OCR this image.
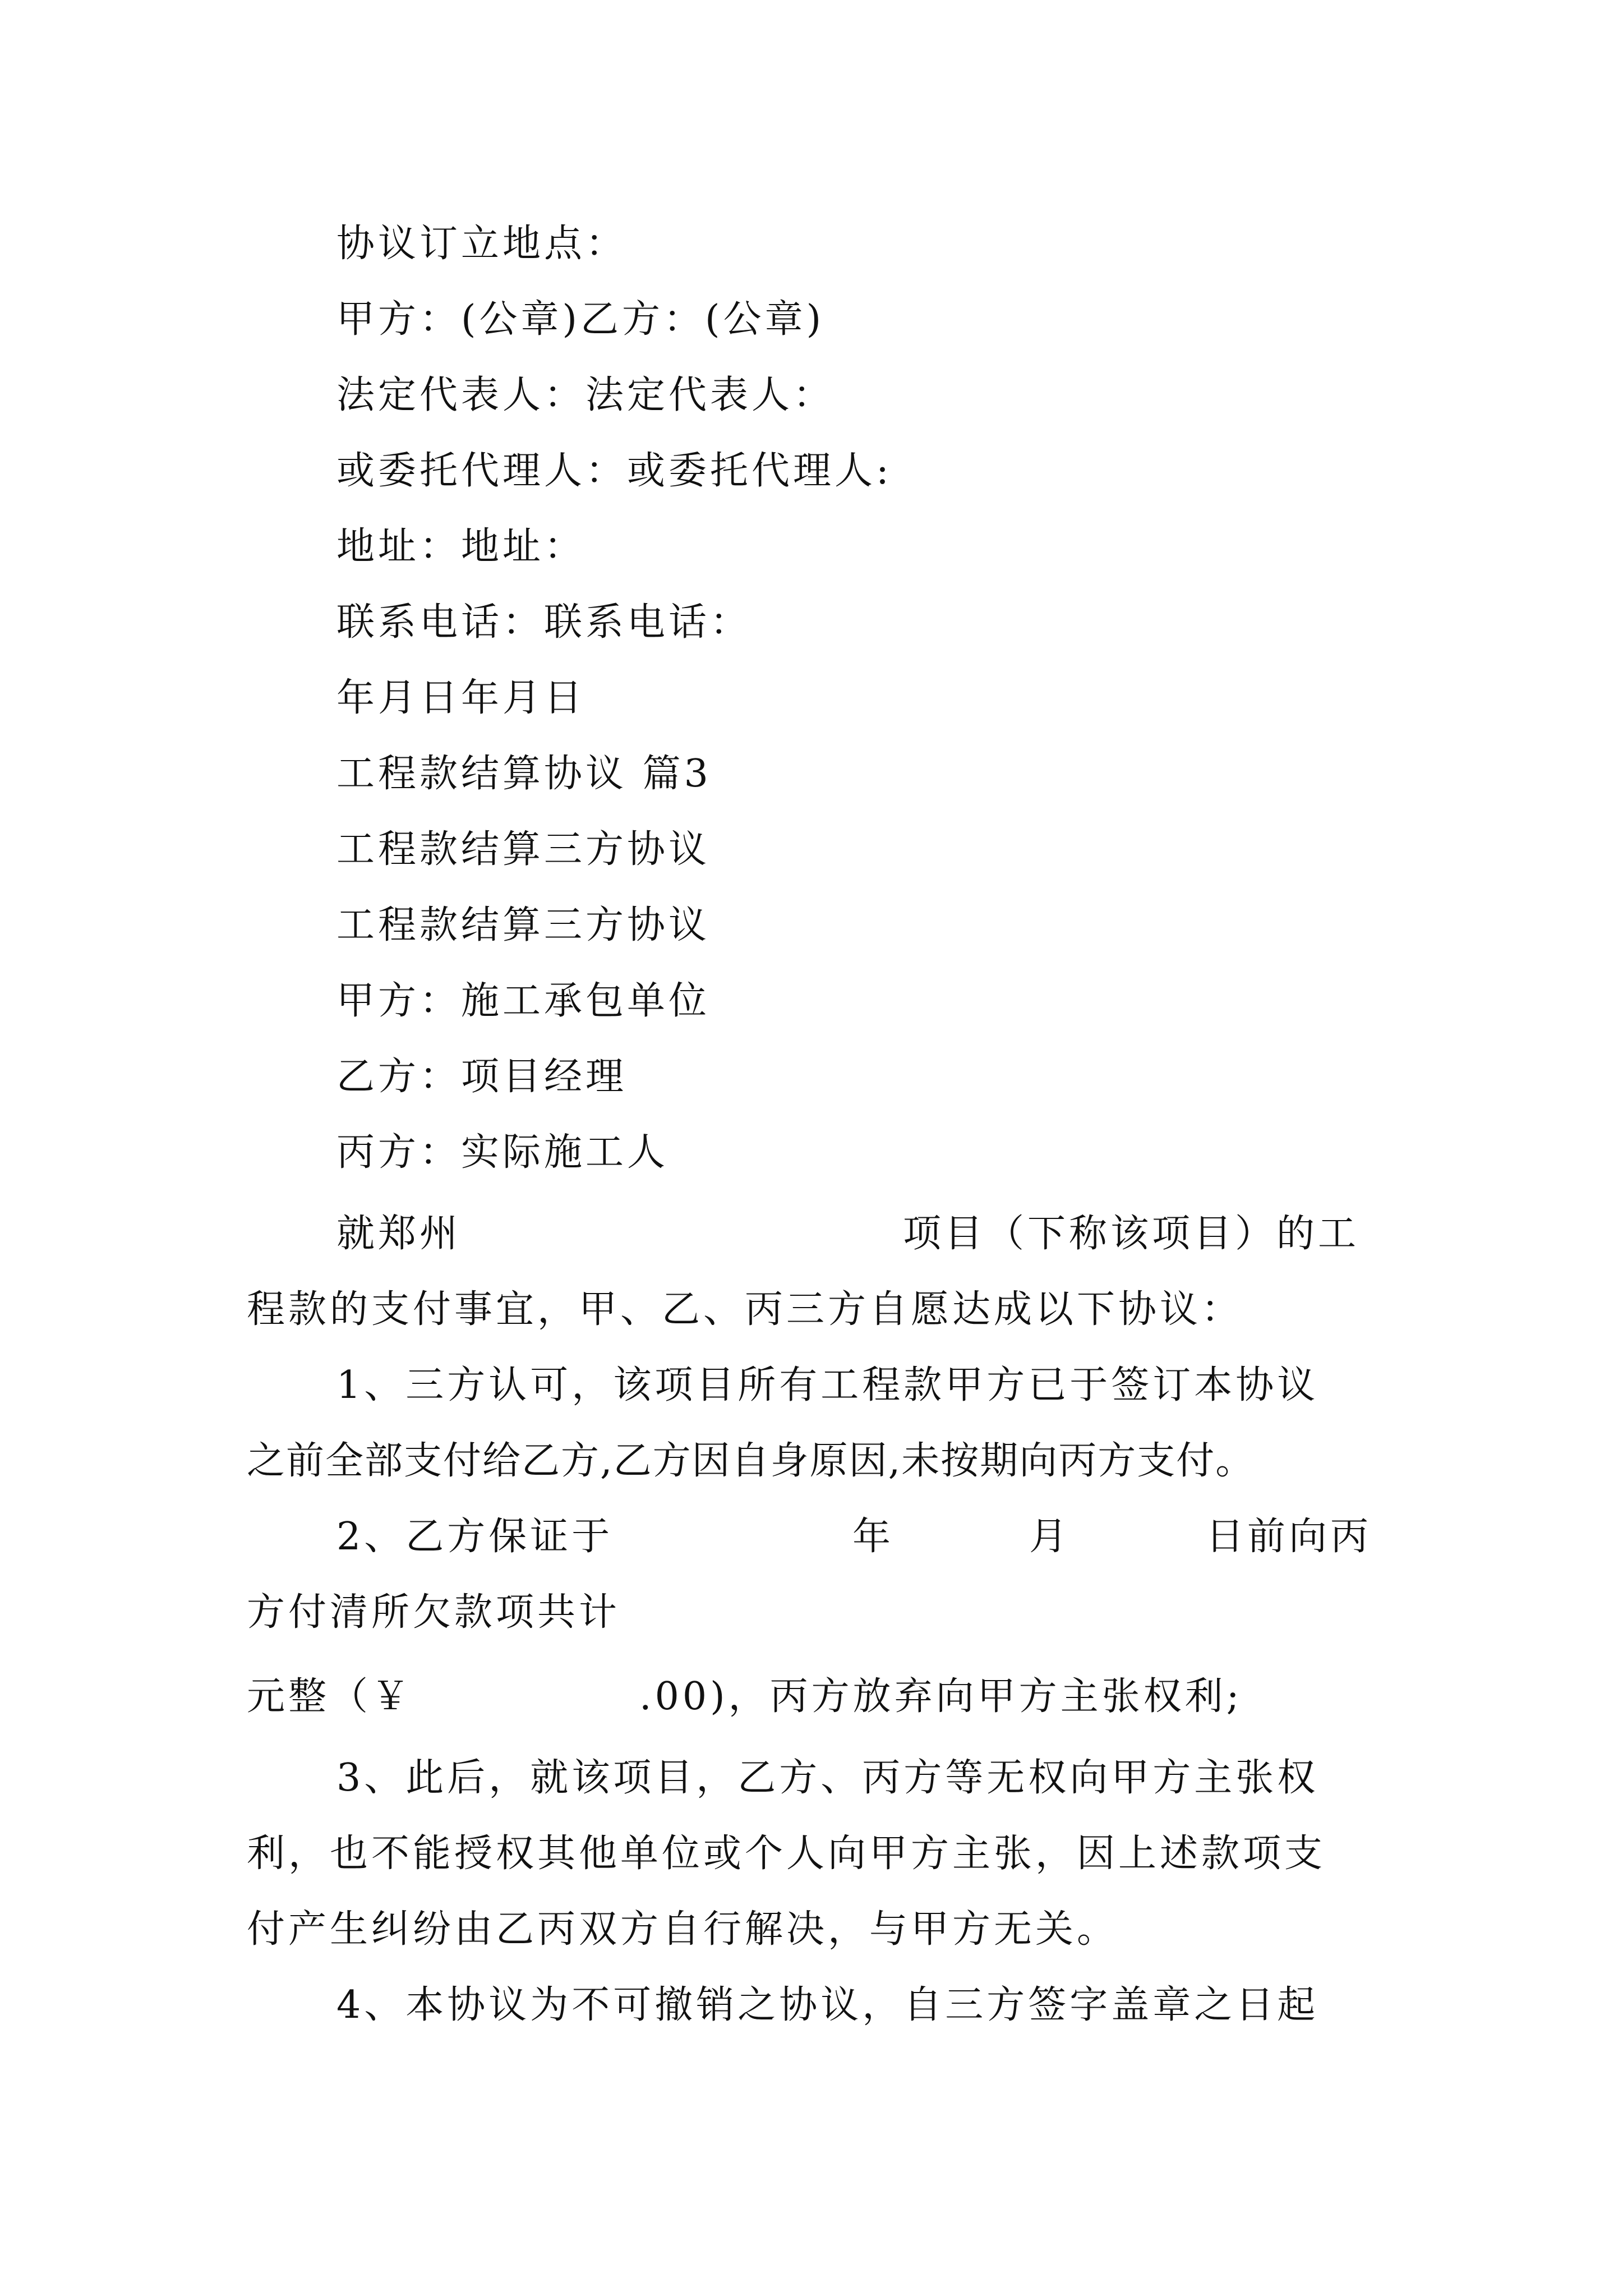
协议订立地点：
甲方：(公章)乙方：(公章)
法定代表人：法定代表人：
或委托代理人：或委托代理人:
地址：地址：
联系电话：联系电话：
年月日年月日
工程款结算协议 篇3
工程款结算三方协议
工程款结算三方协议
甲方：施工承包单位
乙方：项目经理
丙方：实际施工人
就郑州	项目（下称该项目）的工
程款的支付事宜，甲、乙、丙三方自愿达成以下协议：
1、三方认可，该项目所有工程款甲方已于签订本协议
之前全部支付给乙方,乙方因自身原因,未按期向丙方支付。
2、乙方保证于	年	月	日前向丙
方付清所欠款项共计
元整（￥	.00)，丙方放弃向甲方主张权利;
3、此后，就该项目，乙方、丙方等无权向甲方主张权
利，也不能授权其他单位或个人向甲方主张，因上述款项支
付产生纠纷由乙丙双方自行解决，与甲方无关。
4、本协议为不可撤销之协议，自三方签字盖章之日起
